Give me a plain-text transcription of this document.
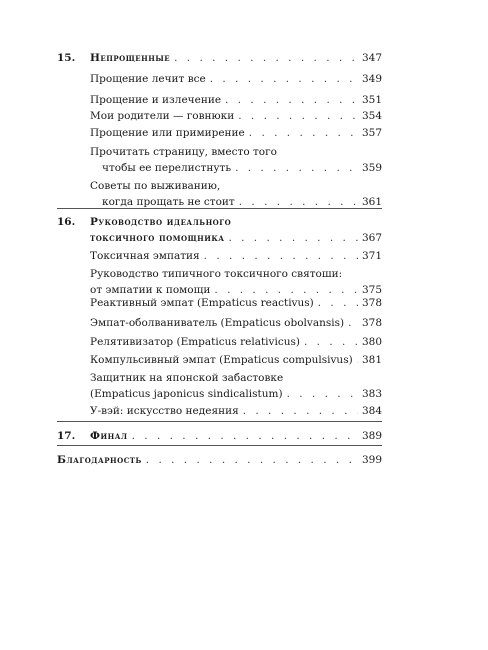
15. Непрощенные . . .	347
Прощение лечит все . . .	349
Прощение и излечение . . .	351
Мои родители — говнюки . . .	354
Прощение или примирение . . .	357
Прочитать страницу, вместо того
чтобы ее перелистнуть . . .	359
Советы по выживанию,
когда прощать не стоит . . .	361
16. Руководство идеального
токсичного помощника . . .	367
Токсичная эмпатия . . .	371
Руководство типичного токсичного святоши:
от эмпатии к помощи . . .	375
Реактивный эмпат (Empaticus reactivus) . . .	378
Эмпат-оболваниватель (Empaticus obolvansis) . . . 378
Релятивизатор (Empaticus relativicus) . . .	380
Компульсивный эмпат (Empaticus compulsivus) . . . 381
Защитник на японской забастовке
(Empaticus japonicus sindicalistum) . . .	383
У-вэй: искусство недеяния . . .	384
17. Финал . . .	389
Благодарность . . .	399
